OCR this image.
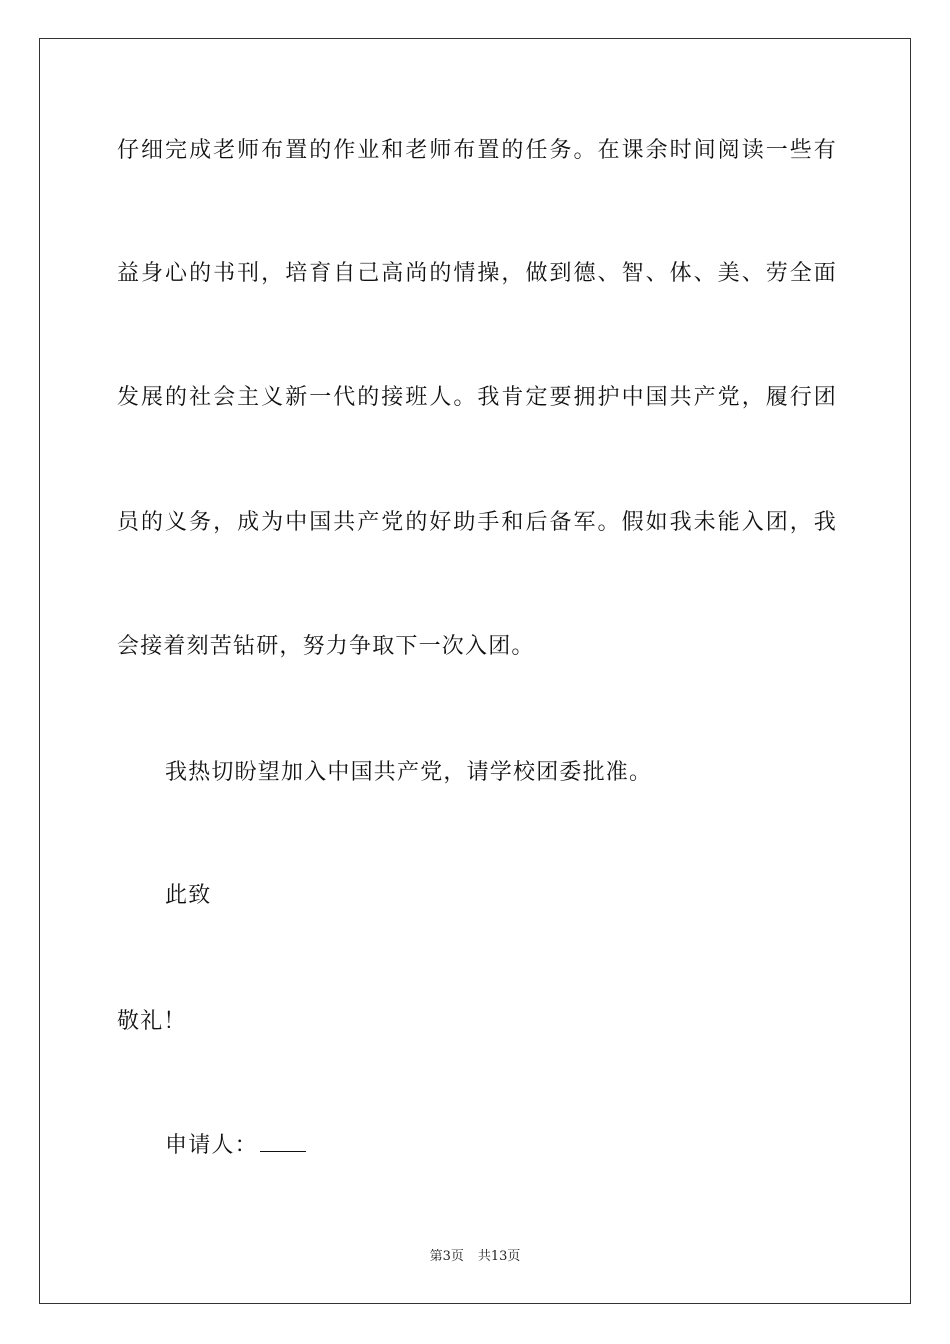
仔细完成老师布置的作业和老师布置的任务。在课余时间阅读一些有
益身心的书刊，培育自己高尚的情操，做到德、智、体、美、劳全面
发展的社会主义新一代的接班人。我肯定要拥护中国共产党，履行团
员的义务，成为中国共产党的好助手和后备军。假如我未能入团，我
会接着刻苦钻研，努力争取下一次入团。
我热切盼望加入中国共产党，请学校团委批准。
此致
敬礼！
申请人：
第3页 共13页
